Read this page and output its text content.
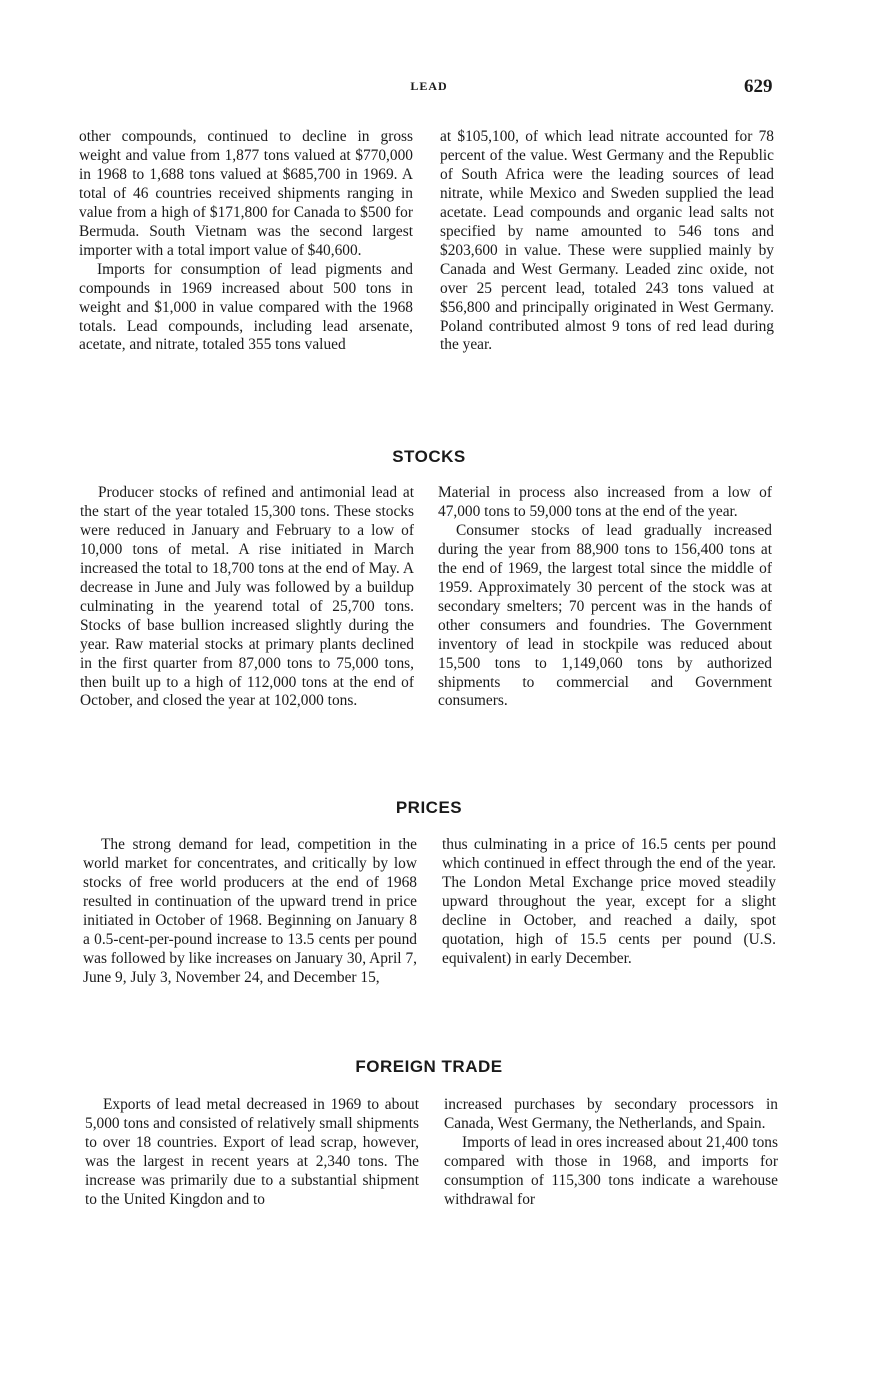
LEAD	629

other compounds, continued to decline in gross weight and value from 1,877 tons valued at $770,000 in 1968 to 1,688 tons valued at $685,700 in 1969. A total of 46 countries received shipments ranging in value from a high of $171,800 for Canada to $500 for Bermuda. South Vietnam was the second largest importer with a total import value of $40,600.

Imports for consumption of lead pigments and compounds in 1969 increased about 500 tons in weight and $1,000 in value compared with the 1968 totals. Lead compounds, including lead arsenate, acetate, and nitrate, totaled 355 tons valued

at $105,100, of which lead nitrate accounted for 78 percent of the value. West Germany and the Republic of South Africa were the leading sources of lead nitrate, while Mexico and Sweden supplied the lead acetate. Lead compounds and organic lead salts not specified by name amounted to 546 tons and $203,600 in value. These were supplied mainly by Canada and West Germany. Leaded zinc oxide, not over 25 percent lead, totaled 243 tons valued at $56,800 and principally originated in West Germany. Poland contributed almost 9 tons of red lead during the year.

STOCKS

Producer stocks of refined and antimonial lead at the start of the year totaled 15,300 tons. These stocks were reduced in January and February to a low of 10,000 tons of metal. A rise initiated in March increased the total to 18,700 tons at the end of May. A decrease in June and July was followed by a buildup culminating in the yearend total of 25,700 tons. Stocks of base bullion increased slightly during the year. Raw material stocks at primary plants declined in the first quarter from 87,000 tons to 75,000 tons, then built up to a high of 112,000 tons at the end of October, and closed the year at 102,000 tons.

Material in process also increased from a low of 47,000 tons to 59,000 tons at the end of the year.

Consumer stocks of lead gradually increased during the year from 88,900 tons to 156,400 tons at the end of 1969, the largest total since the middle of 1959. Approximately 30 percent of the stock was at secondary smelters; 70 percent was in the hands of other consumers and foundries. The Government inventory of lead in stockpile was reduced about 15,500 tons to 1,149,060 tons by authorized shipments to commercial and Government consumers.

PRICES

The strong demand for lead, competition in the world market for concentrates, and critically by low stocks of free world producers at the end of 1968 resulted in continuation of the upward trend in price initiated in October of 1968. Beginning on January 8 a 0.5-cent-per-pound increase to 13.5 cents per pound was followed by like increases on January 30, April 7, June 9, July 3, November 24, and December 15,

thus culminating in a price of 16.5 cents per pound which continued in effect through the end of the year. The London Metal Exchange price moved steadily upward throughout the year, except for a slight decline in October, and reached a daily, spot quotation, high of 15.5 cents per pound (U.S. equivalent) in early December.

FOREIGN TRADE

Exports of lead metal decreased in 1969 to about 5,000 tons and consisted of relatively small shipments to over 18 countries. Export of lead scrap, however, was the largest in recent years at 2,340 tons. The increase was primarily due to a substantial shipment to the United Kingdon and to

increased purchases by secondary processors in Canada, West Germany, the Netherlands, and Spain.

Imports of lead in ores increased about 21,400 tons compared with those in 1968, and imports for consumption of 115,300 tons indicate a warehouse withdrawal for
